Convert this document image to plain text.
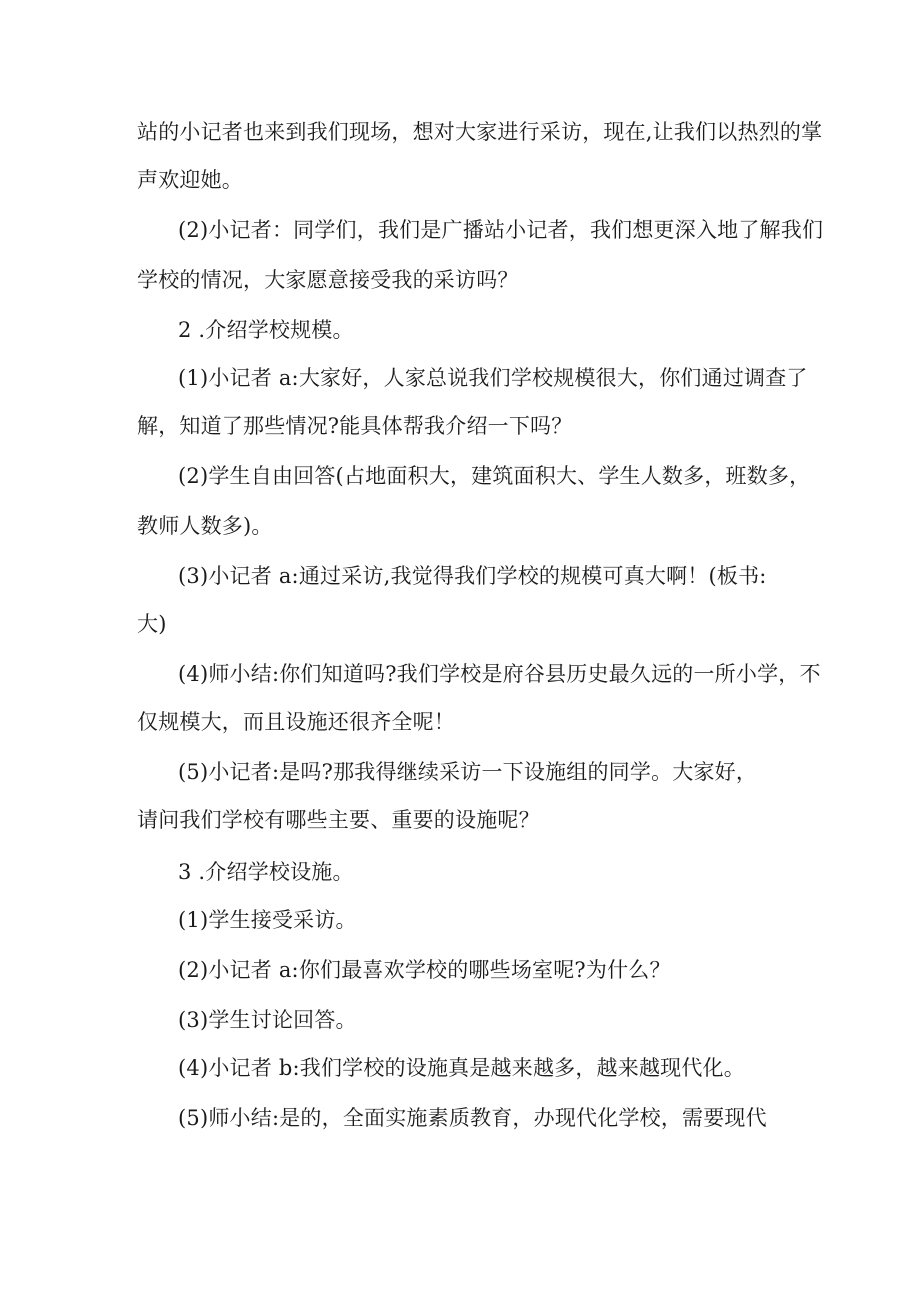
站的小记者也来到我们现场，想对大家进行采访，现在,让我们以热烈的掌
声欢迎她。
(2)小记者：同学们，我们是广播站小记者，我们想更深入地了解我们
学校的情况，大家愿意接受我的采访吗？
2 .介绍学校规模。
(1)小记者 a:大家好，人家总说我们学校规模很大，你们通过调查了
解，知道了那些情况?能具体帮我介绍一下吗？
(2)学生自由回答(占地面积大，建筑面积大、学生人数多，班数多，
教师人数多)。
(3)小记者 a:通过采访,我觉得我们学校的规模可真大啊！(板书:
大)
(4)师小结:你们知道吗?我们学校是府谷县历史最久远的一所小学，不
仅规模大，而且设施还很齐全呢！
(5)小记者:是吗?那我得继续采访一下设施组的同学。大家好，
请问我们学校有哪些主要、重要的设施呢？
3 .介绍学校设施。
(1)学生接受采访。
(2)小记者 a:你们最喜欢学校的哪些场室呢?为什么？
(3)学生讨论回答。
(4)小记者 b:我们学校的设施真是越来越多，越来越现代化。
(5)师小结:是的，全面实施素质教育，办现代化学校，需要现代
